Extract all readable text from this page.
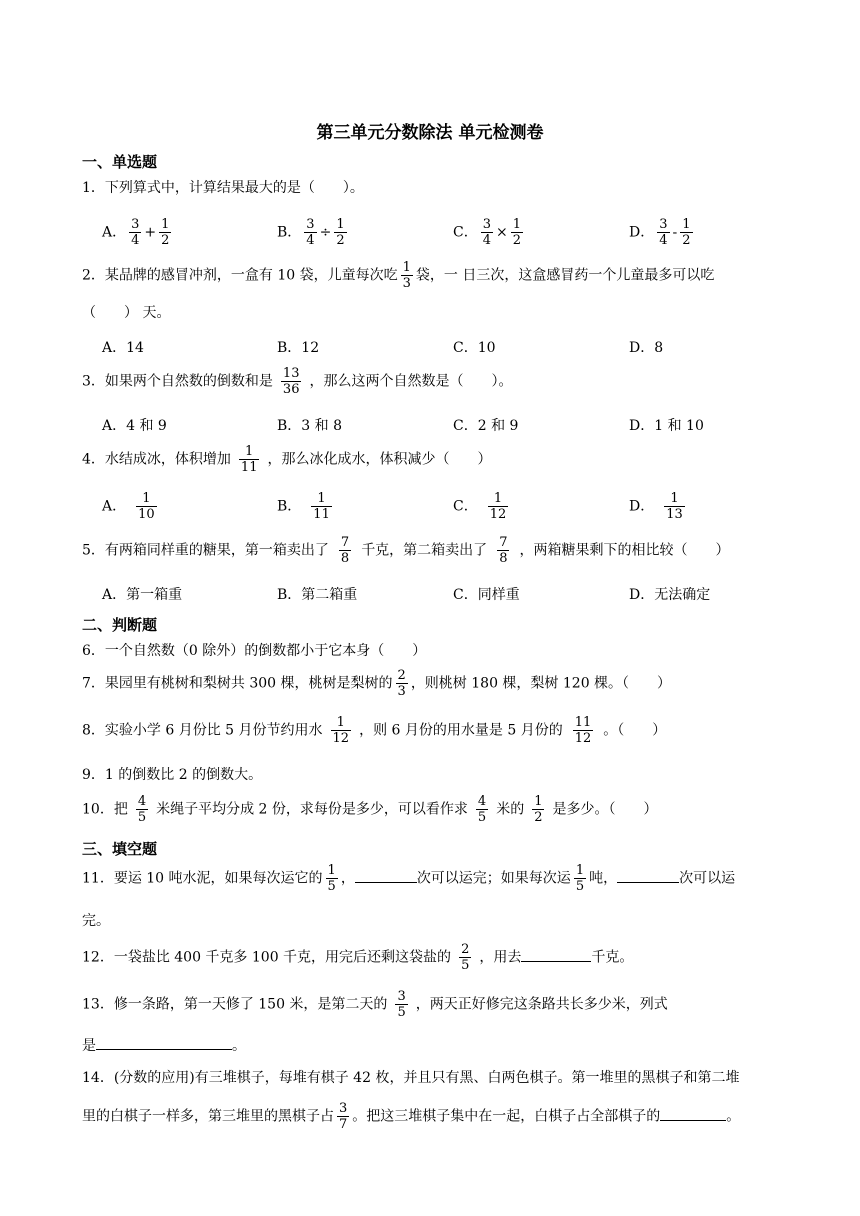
第三单元分数除法 单元检测卷
一、单选题
1．下列算式中，计算结果最大的是（　　）。
A． $\frac{3}{4} + \frac{1}{2}$	B． $\frac{3}{4} \div \frac{1}{2}$	C． $\frac{3}{4} \times \frac{1}{2}$	D． $\frac{3}{4} - \frac{1}{2}$
2．某品牌的感冒冲剂，一盒有 10 袋，儿童每次吃 $\frac{1}{3}$ 袋，一 日三次，这盒感冒药一个儿童最多可以吃
（　　） 天。
A．14	B．12	C．10	D．8
3．如果两个自然数的倒数和是 $\frac{13}{36}$ ，那么这两个自然数是（　　）。
A．4 和 9	B．3 和 8	C．2 和 9	D．1 和 10
4．水结成冰，体积增加 $\frac{1}{11}$ ，那么冰化成水，体积减少（　　）
A． $\frac{1}{10}$	B． $\frac{1}{11}$	C． $\frac{1}{12}$	D． $\frac{1}{13}$
5．有两箱同样重的糖果，第一箱卖出了 $\frac{7}{8}$ 千克，第二箱卖出了 $\frac{7}{8}$ ，两箱糖果剩下的相比较（　　）
A．第一箱重	B．第二箱重	C．同样重	D．无法确定
二、判断题
6．一个自然数（0 除外）的倒数都小于它本身（　　）
7．果园里有桃树和梨树共 300 棵，桃树是梨树的 $\frac{2}{3}$ ，则桃树 180 棵，梨树 120 棵。（　　）
8．实验小学 6 月份比 5 月份节约用水 $\frac{1}{12}$ ，则 6 月份的用水量是 5 月份的 $\frac{11}{12}$ 。（　　）
9．1 的倒数比 2 的倒数大。
10．把 $\frac{4}{5}$ 米绳子平均分成 2 份，求每份是多少，可以看作求 $\frac{4}{5}$ 米的 $\frac{1}{2}$ 是多少。（　　）
三、填空题
11．要运 10 吨水泥，如果每次运它的 $\frac{1}{5}$ ，	次可以运完；如果每次运 $\frac{1}{5}$ 吨，	次可以运
完。
12．一袋盐比 400 千克多 100 千克，用完后还剩这袋盐的 $\frac{2}{5}$ ，用去	千克。
13．修一条路，第一天修了 150 米，是第二天的 $\frac{3}{5}$ ，两天正好修完这条路共长多少米，列式
是	。
14．(分数的应用)有三堆棋子，每堆有棋子 42 枚，并且只有黑、白两色棋子。第一堆里的黑棋子和第二堆
里的白棋子一样多，第三堆里的黑棋子占 $\frac{3}{7}$ 。把这三堆棋子集中在一起，白棋子占全部棋子的	。
